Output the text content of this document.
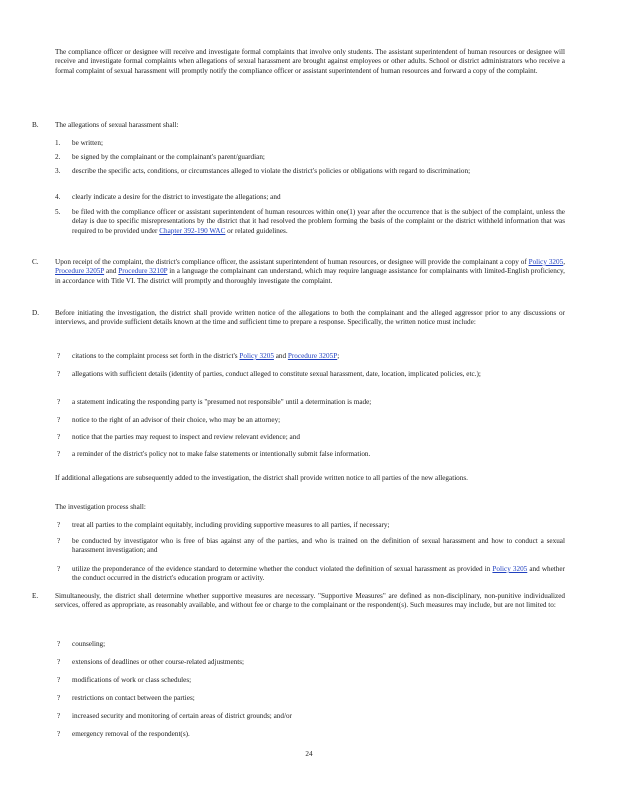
The compliance officer or designee will receive and investigate formal complaints that involve only students. The assistant superintendent of human resources or designee will receive and investigate formal complaints when allegations of sexual harassment are brought against employees or other adults. School or district administrators who receive a formal complaint of sexual harassment will promptly notify the compliance officer or assistant superintendent of human resources and forward a copy of the complaint.

B. The allegations of sexual harassment shall:
1. be written;
2. be signed by the complainant or the complainant's parent/guardian;
3. describe the specific acts, conditions, or circumstances alleged to violate the district's policies or obligations with regard to discrimination;

4. clearly indicate a desire for the district to investigate the allegations; and
5. be filed with the compliance officer or assistant superintendent of human resources within one(1) year after the occurrence that is the subject of the complaint, unless the delay is due to specific misrepresentations by the district that it had resolved the problem forming the basis of the complaint or the district withheld information that was required to be provided under Chapter 392-190 WAC or related guidelines.

C. Upon receipt of the complaint, the district's compliance officer, the assistant superintendent of human resources, or designee will provide the complainant a copy of Policy 3205, Procedure 3205P and Procedure 3210P in a language the complainant can understand, which may require language assistance for complainants with limited-English proficiency, in accordance with Title VI. The district will promptly and thoroughly investigate the complaint.

D. Before initiating the investigation, the district shall provide written notice of the allegations to both the complainant and the alleged aggressor prior to any discussions or interviews, and provide sufficient details known at the time and sufficient time to prepare a response. Specifically, the written notice must include:

? citations to the complaint process set forth in the district's Policy 3205 and Procedure 3205P;
? allegations with sufficient details (identity of parties, conduct alleged to constitute sexual harassment, date, location, implicated policies, etc.);

? a statement indicating the responding party is "presumed not responsible" until a determination is made;
? notice to the right of an advisor of their choice, who may be an attorney;
? notice that the parties may request to inspect and review relevant evidence; and
? a reminder of the district's policy not to make false statements or intentionally submit false information.

If additional allegations are subsequently added to the investigation, the district shall provide written notice to all parties of the new allegations.

The investigation process shall:
? treat all parties to the complaint equitably, including providing supportive measures to all parties, if necessary;
? be conducted by investigator who is free of bias against any of the parties, and who is trained on the definition of sexual harassment and how to conduct a sexual harassment investigation; and

? utilize the preponderance of the evidence standard to determine whether the conduct violated the definition of sexual harassment as provided in Policy 3205 and whether the conduct occurred in the district's education program or activity.

E. Simultaneously, the district shall determine whether supportive measures are necessary. "Supportive Measures" are defined as non-disciplinary, non-punitive individualized services, offered as appropriate, as reasonably available, and without fee or charge to the complainant or the respondent(s). Such measures may include, but are not limited to:

? counseling;
? extensions of deadlines or other course-related adjustments;
? modifications of work or class schedules;
? restrictions on contact between the parties;
? increased security and monitoring of certain areas of district grounds; and/or
? emergency removal of the respondent(s).
24
